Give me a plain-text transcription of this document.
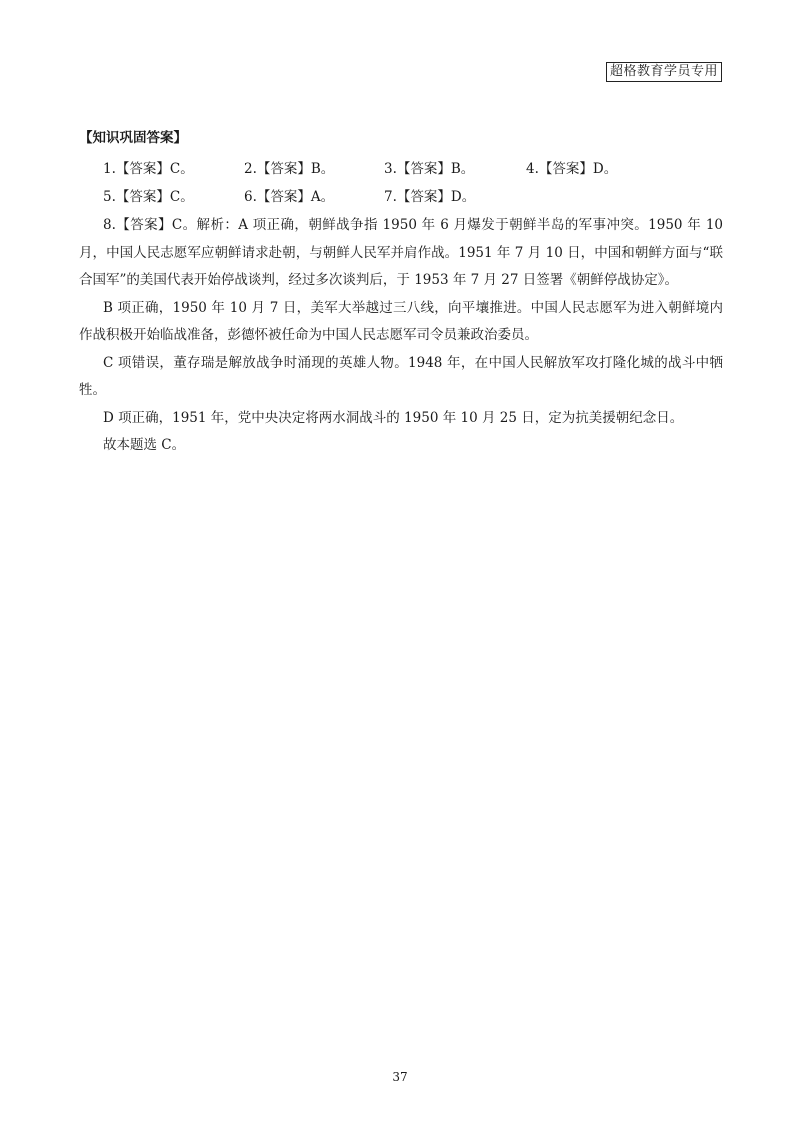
超格教育学员专用
【知识巩固答案】
1.【答案】C。	2.【答案】B。	3.【答案】B。	4.【答案】D。
5.【答案】C。	6.【答案】A。	7.【答案】D。

8.【答案】C。解析：A 项正确，朝鲜战争指 1950 年 6 月爆发于朝鲜半岛的军事冲突。1950 年 10 月，中国人民志愿军应朝鲜请求赴朝，与朝鲜人民军并肩作战。1951 年 7 月 10 日，中国和朝鲜方面与“联合国军”的美国代表开始停战谈判，经过多次谈判后，于 1953 年 7 月 27 日签署《朝鲜停战协定》。

B 项正确，1950 年 10 月 7 日，美军大举越过三八线，向平壤推进。中国人民志愿军为进入朝鲜境内作战积极开始临战准备，彭德怀被任命为中国人民志愿军司令员兼政治委员。

C 项错误，董存瑞是解放战争时涌现的英雄人物。1948 年，在中国人民解放军攻打隆化城的战斗中牺牲。

D 项正确，1951 年，党中央决定将两水洞战斗的 1950 年 10 月 25 日，定为抗美援朝纪念日。

故本题选 C。

37
